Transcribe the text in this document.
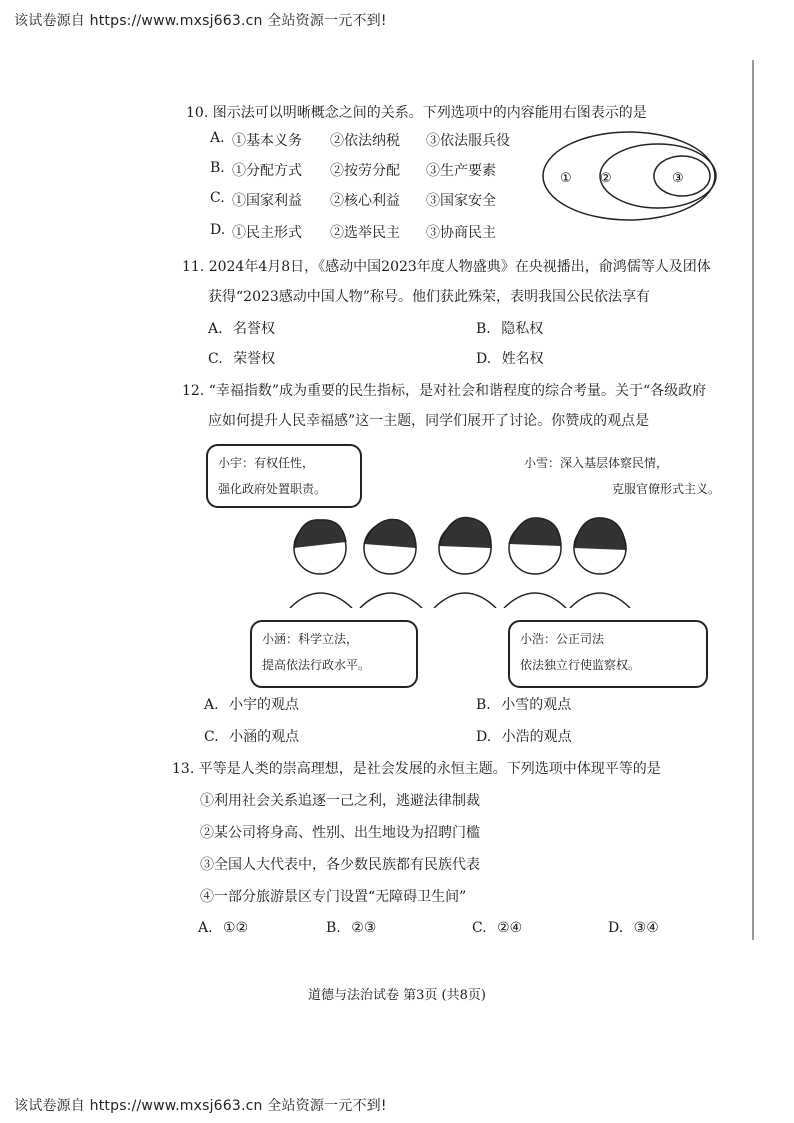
该试卷源自 https://www.mxsj663.cn 全站资源一元不到!
10. 图示法可以明晰概念之间的关系。下列选项中的内容能用右图表示的是
A. ①基本义务 ②依法纳税 ③依法服兵役
B. ①分配方式 ②按劳分配 ③生产要素
C. ①国家利益 ②核心利益 ③国家安全
D. ①民主形式 ②选举民主 ③协商民主
① ②	③
11. 2024年4月8日，《感动中国2023年度人物盛典》在央视播出，俞鸿儒等人及团体
获得“2023感动中国人物”称号。他们获此殊荣，表明我国公民依法享有
A. 名誉权	B. 隐私权
C. 荣誉权	D. 姓名权
12. “幸福指数”成为重要的民生指标，是对社会和谐程度的综合考量。关于“各级政府
应如何提升人民幸福感”这一主题，同学们展开了讨论。你赞成的观点是
小宇：有权任性，
强化政府处置职责。
小雪：深入基层体察民情，
克服官僚形式主义。
小涵：科学立法，
提高依法行政水平。
小浩：公正司法
依法独立行使监察权。
A. 小宇的观点	B. 小雪的观点
C. 小涵的观点	D. 小浩的观点
13. 平等是人类的崇高理想，是社会发展的永恒主题。下列选项中体现平等的是
①利用社会关系追逐一己之利，逃避法律制裁
②某公司将身高、性别、出生地设为招聘门槛
③全国人大代表中，各少数民族都有民族代表
④一部分旅游景区专门设置“无障碍卫生间”
A. ①②	B. ②③	C. ②④	D. ③④
道德与法治试卷 第3页 (共8页)
该试卷源自 https://www.mxsj663.cn 全站资源一元不到!
